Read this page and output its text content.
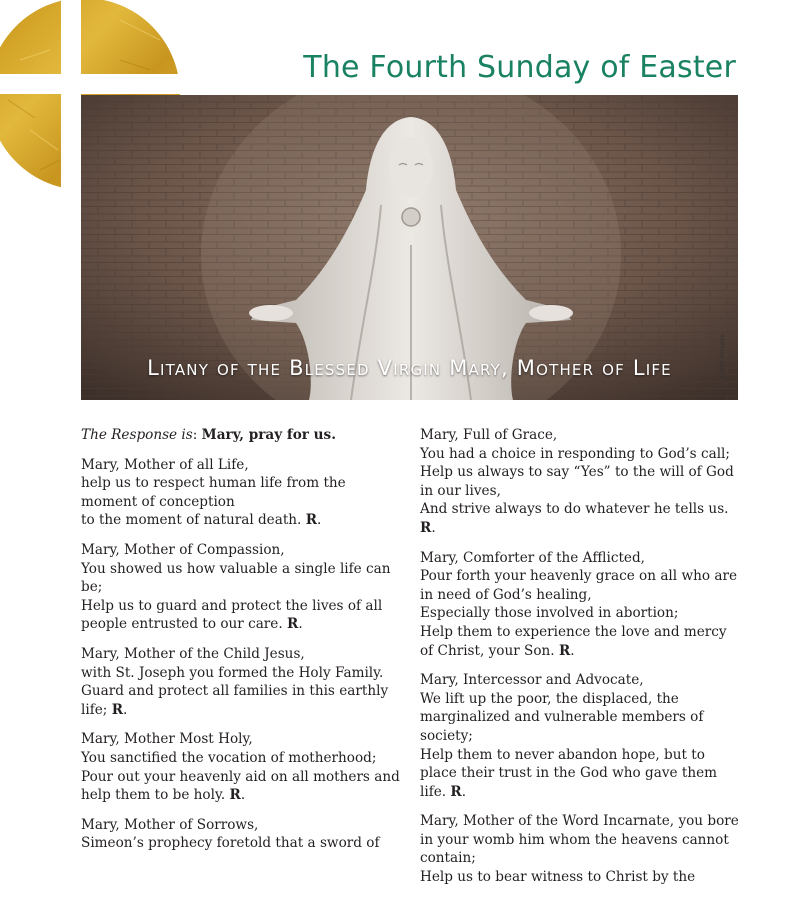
The Fourth Sunday of Easter
Litany of the Blessed Virgin Mary, Mother of Life	Getty Images

The Response is: Mary, pray for us.

Mary, Mother of all Life,
help us to respect human life from the moment of conception
to the moment of natural death. R.

Mary, Mother of Compassion,
You showed us how valuable a single life can be;
Help us to guard and protect the lives of all people entrusted to our care. R.

Mary, Mother of the Child Jesus,
with St. Joseph you formed the Holy Family.
Guard and protect all families in this earthly life; R.

Mary, Mother Most Holy,
You sanctified the vocation of motherhood;
Pour out your heavenly aid on all mothers and help them to be holy. R.

Mary, Mother of Sorrows,
Simeon’s prophecy foretold that a sword of

Mary, Full of Grace,
You had a choice in responding to God’s call;
Help us always to say “Yes” to the will of God in our lives,
And strive always to do whatever he tells us. R.

Mary, Comforter of the Afflicted,
Pour forth your heavenly grace on all who are in need of God’s healing,
Especially those involved in abortion;
Help them to experience the love and mercy of Christ, your Son. R.

Mary, Intercessor and Advocate,
We lift up the poor, the displaced, the marginalized and vulnerable members of society;
Help them to never abandon hope, but to place their trust in the God who gave them life. R.

Mary, Mother of the Word Incarnate, you bore in your womb him whom the heavens cannot contain;
Help us to bear witness to Christ by the
